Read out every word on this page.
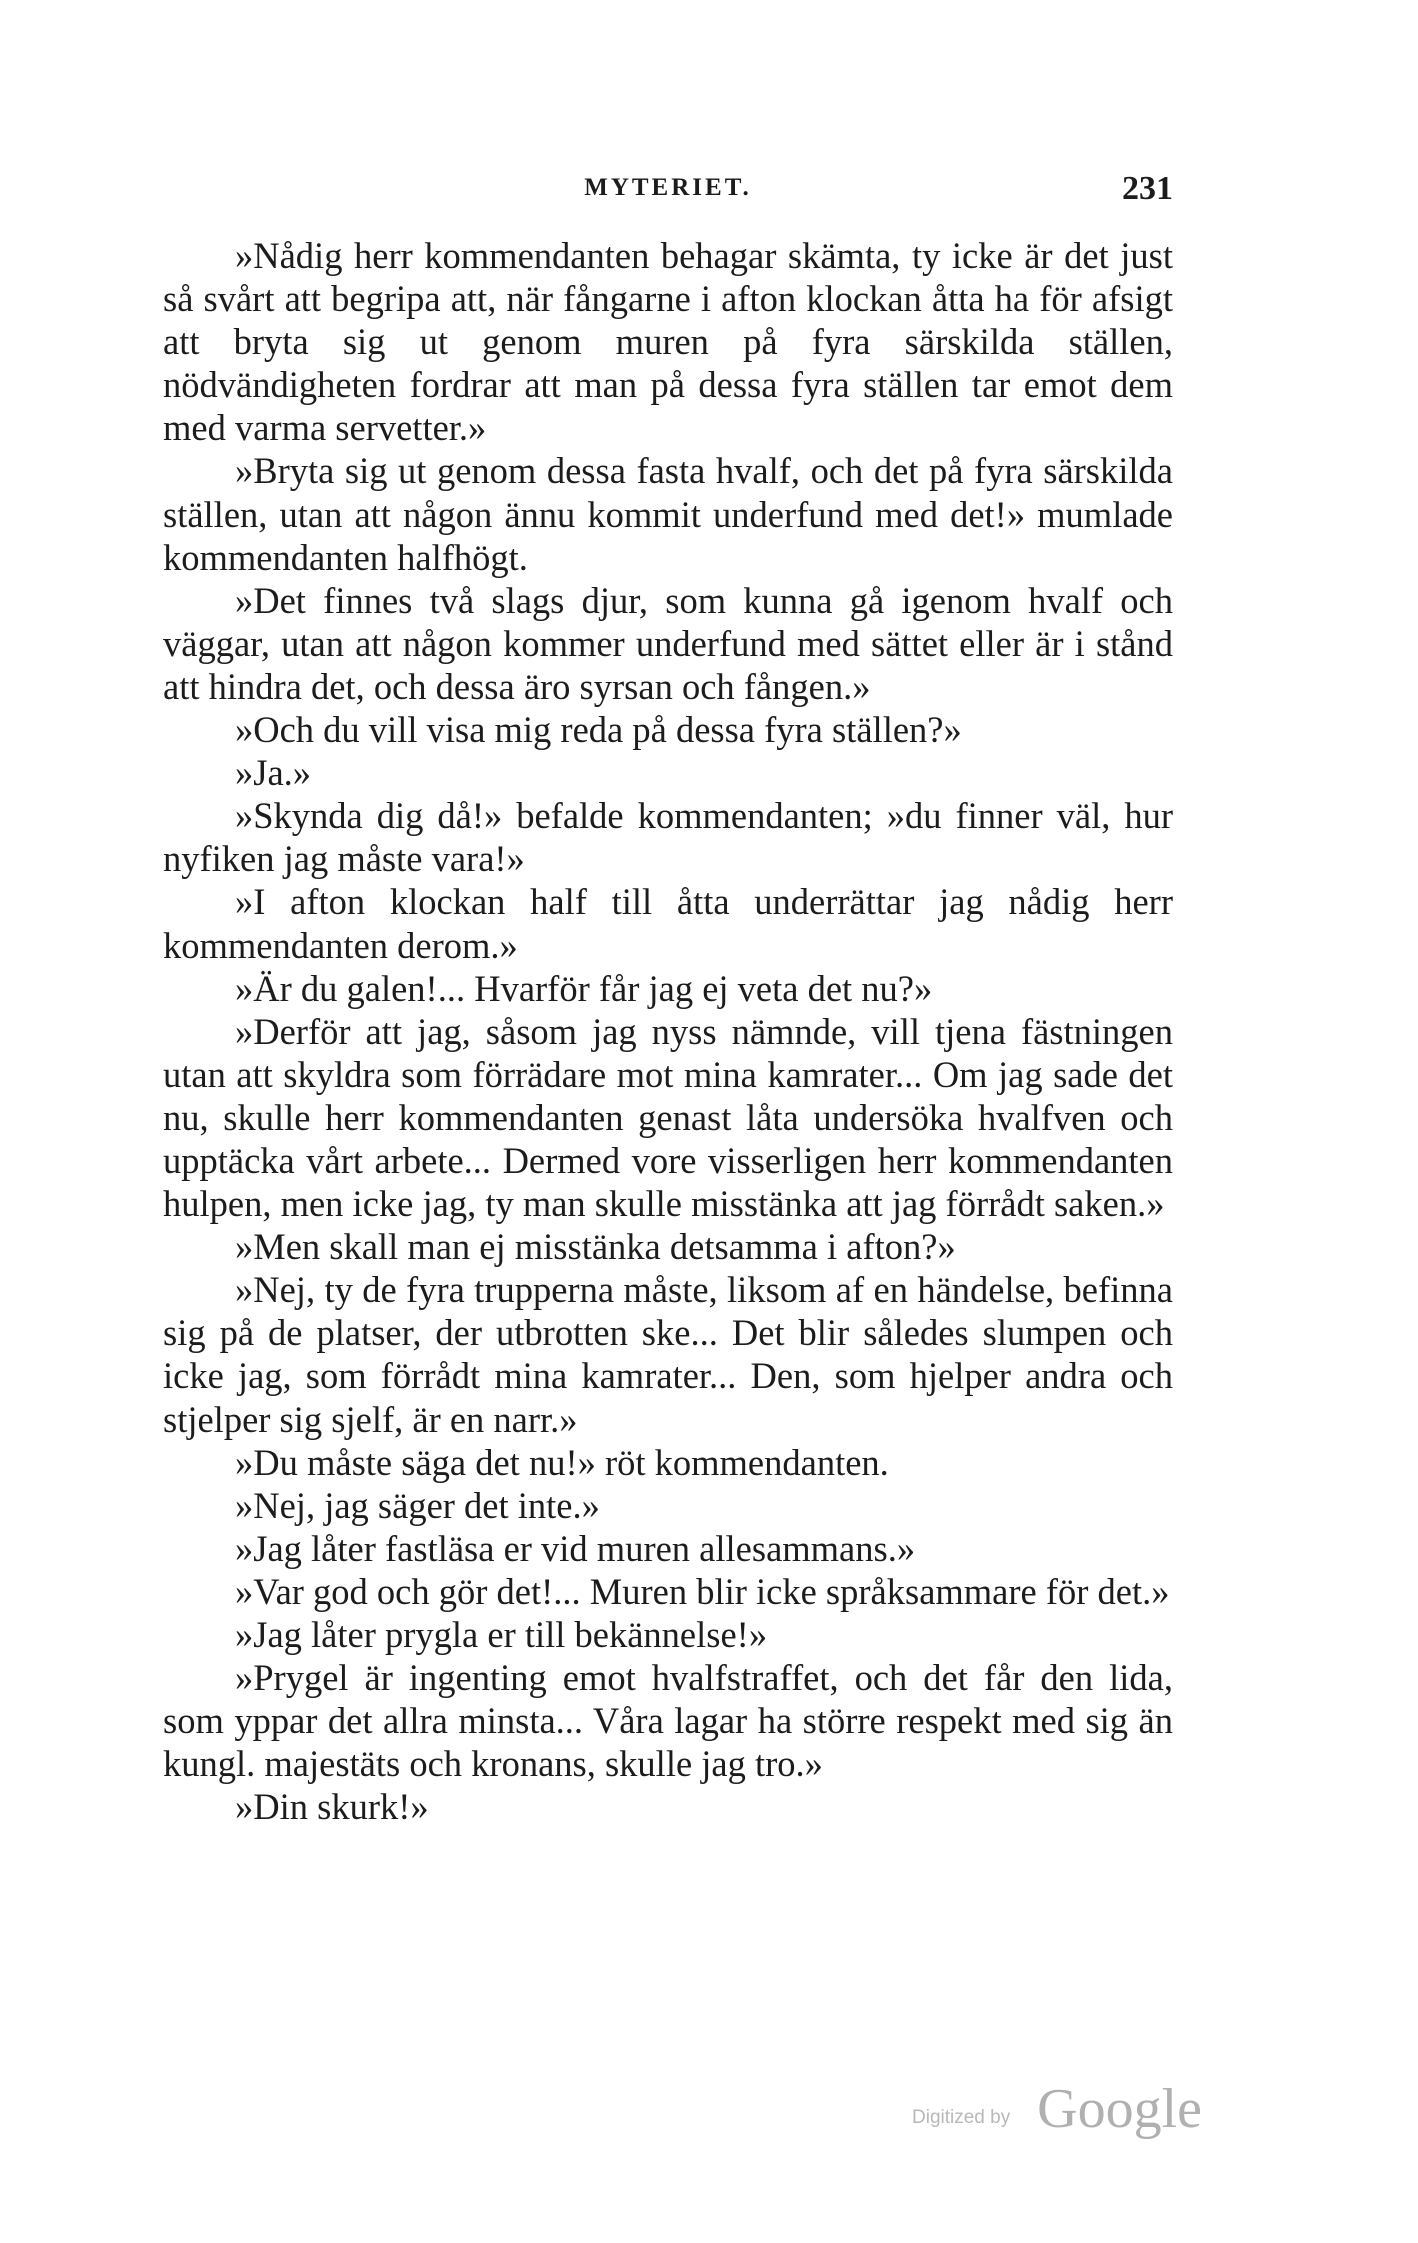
MYTERIET.	231

»Nådig herr kommendanten behagar skämta, ty icke är det just så svårt att begripa att, när fångarne i afton klockan åtta ha för afsigt att bryta sig ut genom muren på fyra särskilda ställen, nödvändigheten fordrar att man på dessa fyra ställen tar emot dem med varma servetter.»

»Bryta sig ut genom dessa fasta hvalf, och det på fyra särskilda ställen, utan att någon ännu kommit underfund med det!» mumlade kommendanten halfhögt.

»Det finnes två slags djur, som kunna gå igenom hvalf och väggar, utan att någon kommer underfund med sättet eller är i stånd att hindra det, och dessa äro syrsan och fången.»

»Och du vill visa mig reda på dessa fyra ställen?»

»Ja.»

»Skynda dig då!» befalde kommendanten; »du finner väl, hur nyfiken jag måste vara!»

»I afton klockan half till åtta underrättar jag nådig herr kommendanten derom.»

»Är du galen!... Hvarför får jag ej veta det nu?»

»Derför att jag, såsom jag nyss nämnde, vill tjena fästningen utan att skyldra som förrädare mot mina kamrater... Om jag sade det nu, skulle herr kommendanten genast låta undersöka hvalfven och upptäcka vårt arbete... Dermed vore visserligen herr kommendanten hulpen, men icke jag, ty man skulle misstänka att jag förrådt saken.»

»Men skall man ej misstänka detsamma i afton?»

»Nej, ty de fyra trupperna måste, liksom af en händelse, befinna sig på de platser, der utbrotten ske... Det blir således slumpen och icke jag, som förrådt mina kamrater... Den, som hjelper andra och stjelper sig sjelf, är en narr.»

»Du måste säga det nu!» röt kommendanten.

»Nej, jag säger det inte.»

»Jag låter fastläsa er vid muren allesammans.»

»Var god och gör det!... Muren blir icke språksammare för det.»

»Jag låter prygla er till bekännelse!»

»Prygel är ingenting emot hvalfstraffet, och det får den lida, som yppar det allra minsta... Våra lagar ha större respekt med sig än kungl. majestäts och kronans, skulle jag tro.»

»Din skurk!»

Digitized by Google
